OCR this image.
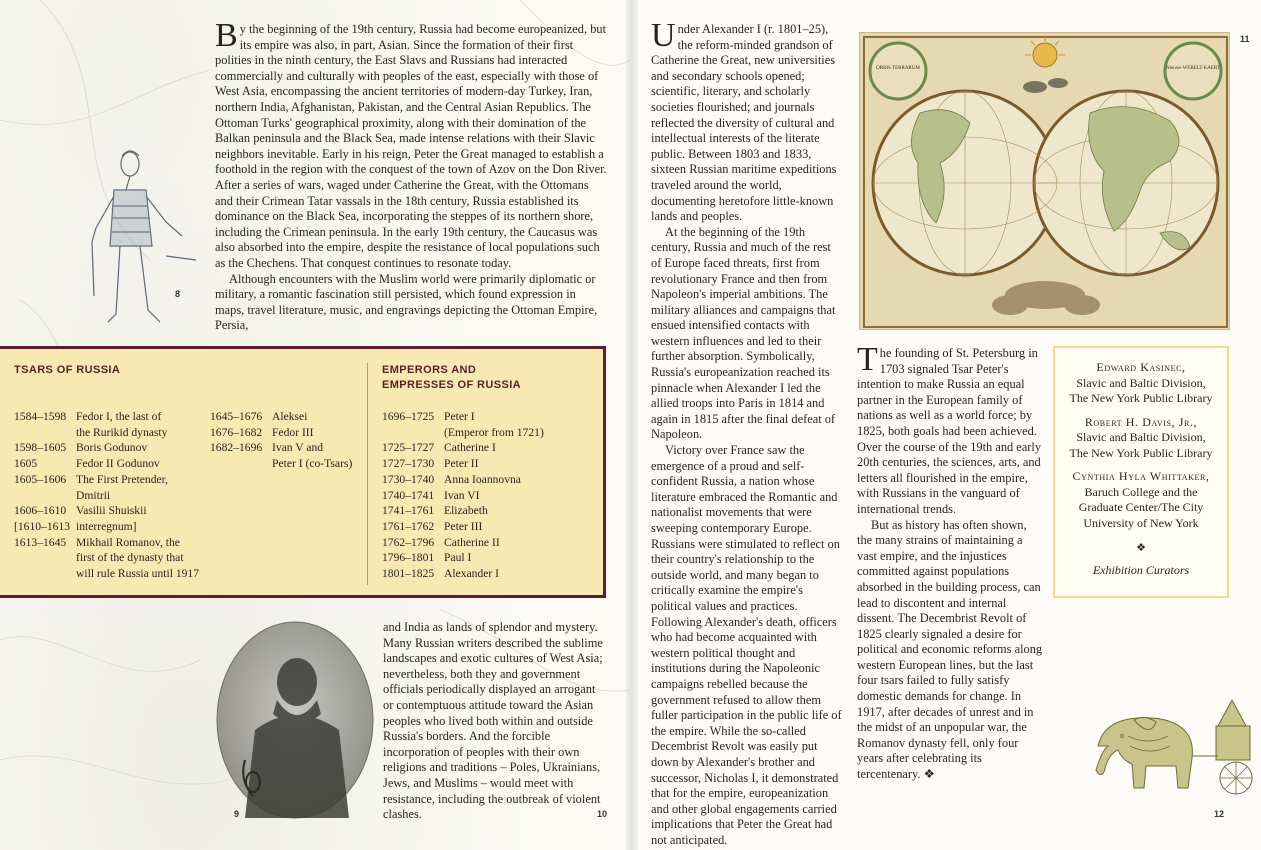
8

By the beginning of the 19th century, Russia had become europeanized, but its empire was also, in part, Asian. Since the formation of their first polities in the ninth century, the East Slavs and Russians had interacted commercially and culturally with peoples of the east, especially with those of West Asia, encompassing the ancient territories of modern-day Turkey, Iran, northern India, Afghanistan, Pakistan, and the Central Asian Republics. The Ottoman Turks' geographical proximity, along with their domination of the Balkan peninsula and the Black Sea, made intense relations with their Slavic neighbors inevitable. Early in his reign, Peter the Great managed to establish a foothold in the region with the conquest of the town of Azov on the Don River. After a series of wars, waged under Catherine the Great, with the Ottomans and their Crimean Tatar vassals in the 18th century, Russia established its dominance on the Black Sea, incorporating the steppes of its northern shore, including the Crimean peninsula. In the early 19th century, the Caucasus was also absorbed into the empire, despite the resistance of local populations such as the Chechens. That conquest continues to resonate today.

Although encounters with the Muslim world were primarily diplomatic or military, a romantic fascination still persisted, which found expression in maps, travel literature, music, and engravings depicting the Ottoman Empire, Persia,

TSARS OF RUSSIA	EMPERORS AND
EMPRESSES OF RUSSIA
1584–1598 Fedor I, the last of
the Rurikid dynasty
1598–1605 Boris Godunov
1605	Fedor II Godunov
1605–1606 The First Pretender,
Dmitrii
1606–1610 Vasilii Shuiskii
[1610–1613 interregnum]
1613–1645 Mikhail Romanov, the
first of the dynasty that
will rule Russia until 1917
1645–1676 Aleksei
1676–1682 Fedor III
1682–1696 Ivan V and
Peter I (co-Tsars)
1696–1725 Peter I
(Emperor from 1721)
1725–1727 Catherine I
1727–1730 Peter II
1730–1740 Anna Ioannovna
1740–1741 Ivan VI
1741–1761 Elizabeth
1761–1762 Peter III
1762–1796 Catherine II
1796–1801 Paul I
1801–1825 Alexander I
9

and India as lands of splendor and mystery. Many Russian writers described the sublime landscapes and exotic cultures of West Asia; nevertheless, both they and government officials periodically displayed an arrogant or contemptuous attitude toward the Asian peoples who lived both within and outside Russia's borders. And the forcible incorporation of peoples with their own religions and traditions – Poles, Ukrainians, Jews, and Muslims – would meet with resistance, including the outbreak of violent clashes.	10
11

Under Alexander I (r. 1801–25), the reform-minded grandson of Catherine the Great, new universities and secondary schools opened; scientific, literary, and scholarly societies flourished; and journals reflected the diversity of cultural and intellectual interests of the literate public. Between 1803 and 1833, sixteen Russian maritime expeditions traveled around the world, documenting heretofore little-known lands and peoples.

At the beginning of the 19th century, Russia and much of the rest of Europe faced threats, first from revolutionary France and then from Napoleon's imperial ambitions. The military alliances and campaigns that ensued intensified contacts with western influences and led to their further absorption. Symbolically, Russia's europeanization reached its pinnacle when Alexander I led the allied troops into Paris in 1814 and again in 1815 after the final defeat of Napoleon.

Victory over France saw the emergence of a proud and self-confident Russia, a nation whose literature embraced the Romantic and nationalist movements that were sweeping contemporary Europe. Russians were stimulated to reflect on their country's relationship to the outside world, and many began to critically examine the empire's political values and practices. Following Alexander's death, officers who had become acquainted with western political thought and institutions during the Napoleonic campaigns rebelled because the government refused to allow them fuller participation in the public life of the empire. While the so-called Decembrist Revolt was easily put down by Alexander's brother and successor, Nicholas I, it demonstrated that for the empire, europeanization and other global engagements carried implications that Peter the Great had not anticipated.

ORBIS TERRARUM	Nieuwe WERELT KAERT

The founding of St. Petersburg in 1703 signaled Tsar Peter's intention to make Russia an equal partner in the European family of nations as well as a world force; by 1825, both goals had been achieved. Over the course of the 19th and early 20th centuries, the sciences, arts, and letters all flourished in the empire, with Russians in the vanguard of international trends.

But as history has often shown, the many strains of maintaining a vast empire, and the injustices committed against populations absorbed in the building process, can lead to discontent and internal dissent. The Decembrist Revolt of 1825 clearly signaled a desire for political and economic reforms along western European lines, but the last four tsars failed to fully satisfy domestic demands for change. In 1917, after decades of unrest and in the midst of an unpopular war, the Romanov dynasty fell, only four years after celebrating its tercentenary. ❖

Edward Kasinec,
Slavic and Baltic Division,
The New York Public Library
Robert H. Davis, Jr.,
Slavic and Baltic Division,
The New York Public Library
Cynthia Hyla Whittaker,
Baruch College and the
Graduate Center/The City
University of New York
❖
Exhibition Curators
12
